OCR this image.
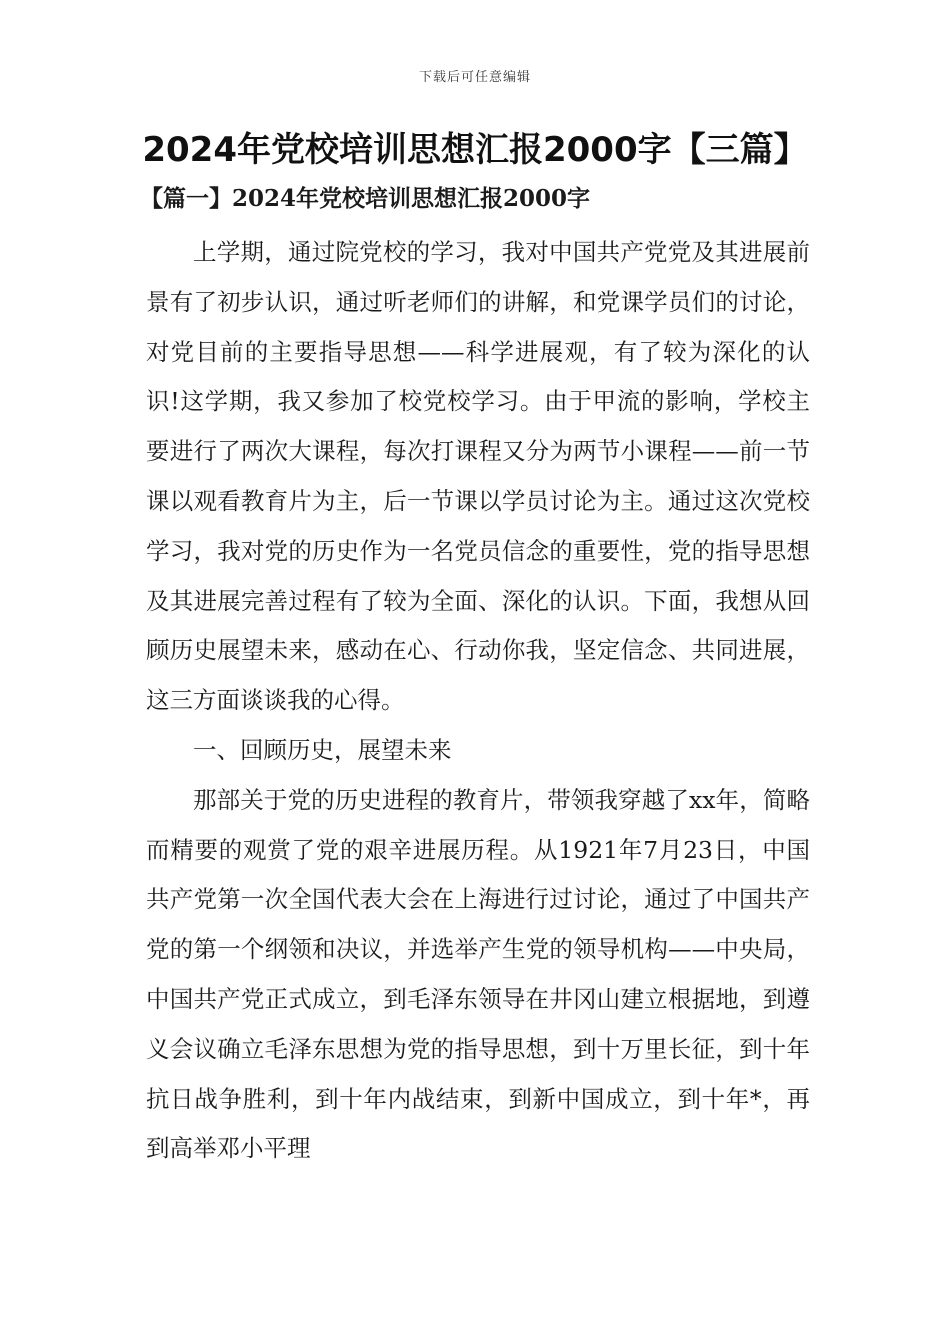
下载后可任意编辑
2024年党校培训思想汇报2000字【三篇】
【篇一】2024年党校培训思想汇报2000字

上学期，通过院党校的学习，我对中国共产党党及其进展前景有了初步认识，通过听老师们的讲解，和党课学员们的讨论，对党目前的主要指导思想——科学进展观，有了较为深化的认识!这学期，我又参加了校党校学习。由于甲流的影响，学校主要进行了两次大课程，每次打课程又分为两节小课程——前一节课以观看教育片为主，后一节课以学员讨论为主。通过这次党校学习，我对党的历史作为一名党员信念的重要性，党的指导思想及其进展完善过程有了较为全面、深化的认识。下面，我想从回顾历史展望未来，感动在心、行动你我，坚定信念、共同进展，这三方面谈谈我的心得。

一、回顾历史，展望未来

那部关于党的历史进程的教育片，带领我穿越了xx年，简略而精要的观赏了党的艰辛进展历程。从1921年7月23日，中国共产党第一次全国代表大会在上海进行过讨论，通过了中国共产党的第一个纲领和决议，并选举产生党的领导机构——中央局，中国共产党正式成立，到毛泽东领导在井冈山建立根据地，到遵义会议确立毛泽东思想为党的指导思想，到十万里长征，到十年抗日战争胜利，到十年内战结束，到新中国成立，到十年*，再到高举邓小平理
